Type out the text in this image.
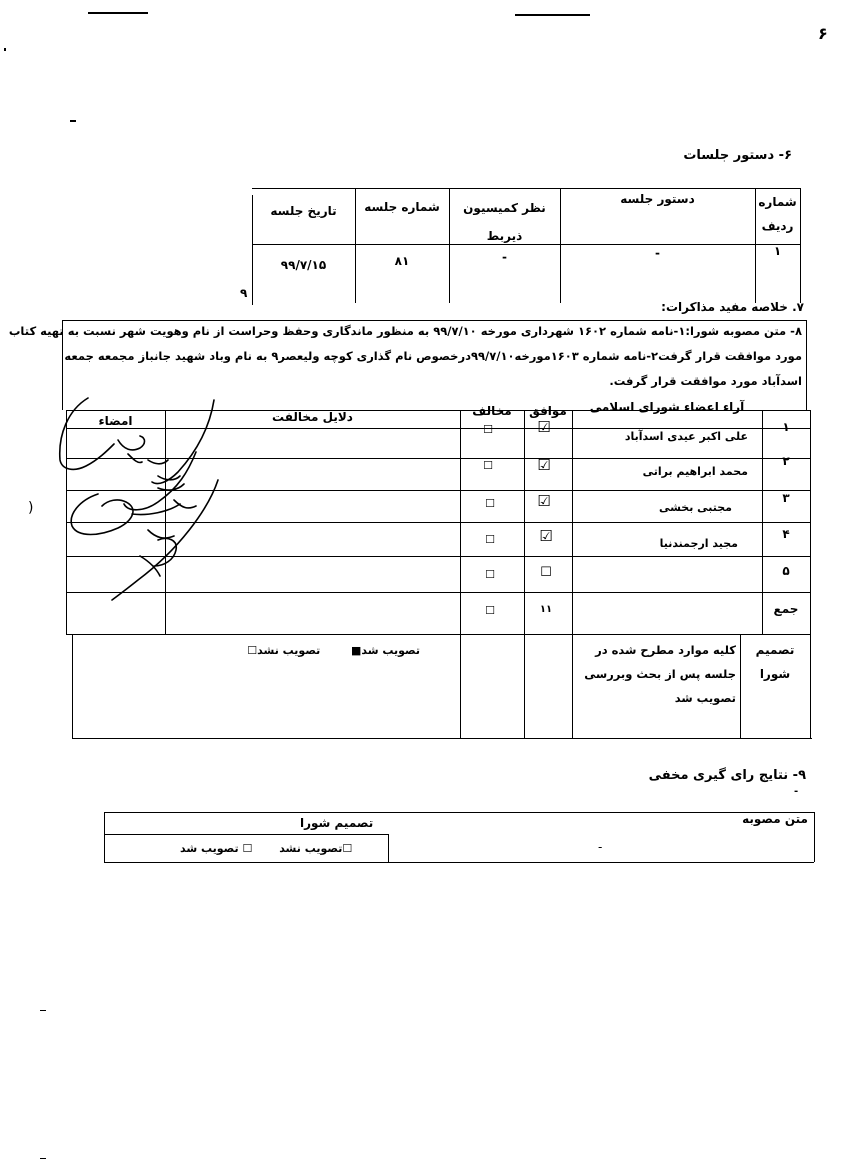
۶
۶- دستور جلسات
شماره
ردیف
دستور جلسه
نظر کمیسیون
ذیربط
شماره جلسه
تاریخ جلسه
۱
-
-
۸۱
۹۹/۷/۱۵
۹
۷. خلاصه مفید مذاکرات:
۸- متن مصوبه شورا:۱-نامه شماره ۱۶۰۲ شهرداری مورخه ۹۹/۷/۱۰ به منظور ماندگاری وحفظ وحراست از نام وهویت شهر نسبت به تهیه کتاب
مورد موافقت قرار گرفت۲-نامه شماره ۱۶۰۳مورخه۹۹/۷/۱۰درخصوص نام گذاری کوچه ولیعصر۹ به نام وباد شهید جانباز مجمعه جمعه
اسدآباد مورد موافقت قرار گرفت.
آراء اعضاء شورای اسلامی
موافق
مخالف
دلایل مخالفت
امضاء	۱
علی اکبر عیدی اسدآباد
☑
☐
۲
محمد ابراهیم براتی
☑
☐
۳
مجتبی بخشی
☑
☐
۴
مجید ارجمندنیا
☑
☐
۵
☐
☐
جمع
۱۱
☐
تصمیم
شورا
کلیه موارد مطرح شده در
جلسه پس از بحث وبررسی
تصویب شد
تصویب شد■        تصویب نشد☐
)
۹- نتایج رای گیری مخفی
-
متن مصوبه
تصمیم شورا
☐تصویب نشد       ☐ تصویب شد	-
